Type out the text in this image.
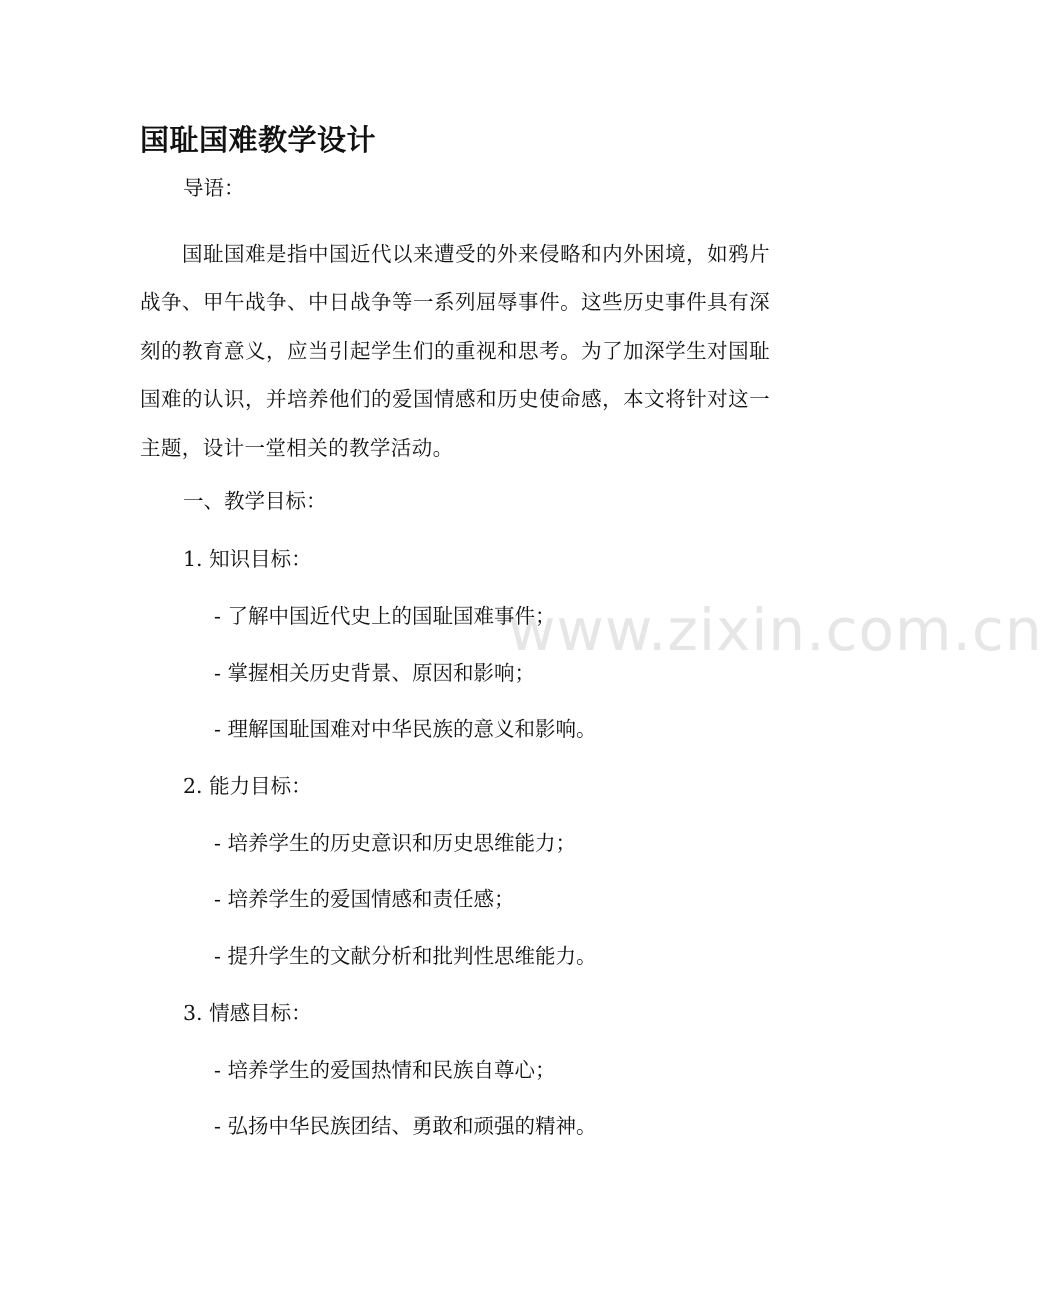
www.zixin.com.cn
国耻国难教学设计
导语：
国耻国难是指中国近代以来遭受的外来侵略和内外困境，如鸦片战争、甲午战争、中日战争等一系列屈辱事件。这些历史事件具有深刻的教育意义，应当引起学生们的重视和思考。为了加深学生对国耻国难的认识，并培养他们的爱国情感和历史使命感，本文将针对这一主题，设计一堂相关的教学活动。
一、教学目标：
1. 知识目标：
- 了解中国近代史上的国耻国难事件；
- 掌握相关历史背景、原因和影响；
- 理解国耻国难对中华民族的意义和影响。
2. 能力目标：
- 培养学生的历史意识和历史思维能力；
- 培养学生的爱国情感和责任感；
- 提升学生的文献分析和批判性思维能力。
3. 情感目标：
- 培养学生的爱国热情和民族自尊心；
- 弘扬中华民族团结、勇敢和顽强的精神。
